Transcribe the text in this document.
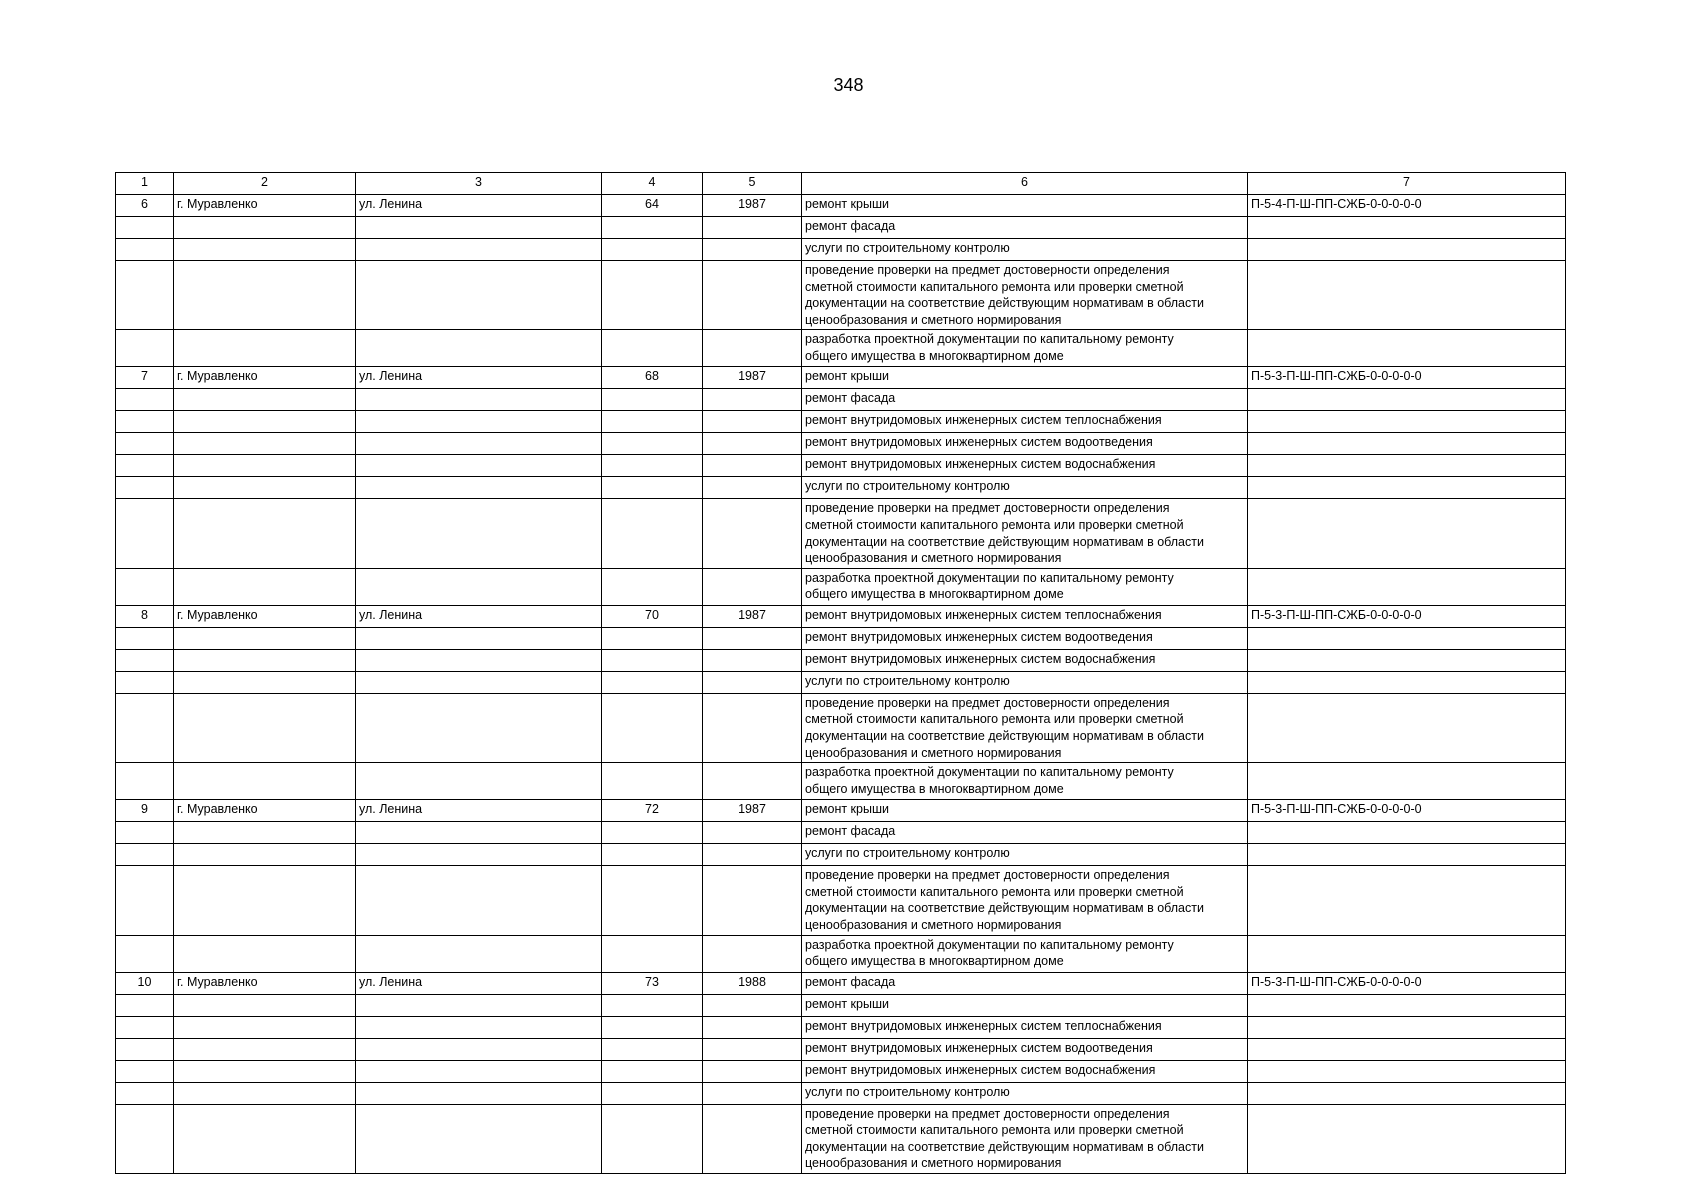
348
1	2	3	4	5	6	7
6	г. Муравленко	ул. Ленина	64	1987	ремонт крыши	П-5-4-П-Ш-ПП-СЖБ-0-0-0-0-0
					ремонт фасада	
					услуги по строительному контролю	
					проведение проверки на предмет достоверности определения
сметной стоимости капитального ремонта или проверки сметной
документации на соответствие действующим нормативам в области
ценообразования и сметного нормирования	
					разработка проектной документации по капитальному ремонту
общего имущества в многоквартирном доме	
7	г. Муравленко	ул. Ленина	68	1987	ремонт крыши	П-5-3-П-Ш-ПП-СЖБ-0-0-0-0-0
					ремонт фасада	
					ремонт внутридомовых инженерных систем теплоснабжения	
					ремонт внутридомовых инженерных систем водоотведения	
					ремонт внутридомовых инженерных систем водоснабжения	
					услуги по строительному контролю	
					проведение проверки на предмет достоверности определения
сметной стоимости капитального ремонта или проверки сметной
документации на соответствие действующим нормативам в области
ценообразования и сметного нормирования	
					разработка проектной документации по капитальному ремонту
общего имущества в многоквартирном доме	
8	г. Муравленко	ул. Ленина	70	1987	ремонт внутридомовых инженерных систем теплоснабжения	П-5-3-П-Ш-ПП-СЖБ-0-0-0-0-0
					ремонт внутридомовых инженерных систем водоотведения	
					ремонт внутридомовых инженерных систем водоснабжения	
					услуги по строительному контролю	
					проведение проверки на предмет достоверности определения
сметной стоимости капитального ремонта или проверки сметной
документации на соответствие действующим нормативам в области
ценообразования и сметного нормирования	
					разработка проектной документации по капитальному ремонту
общего имущества в многоквартирном доме	
9	г. Муравленко	ул. Ленина	72	1987	ремонт крыши	П-5-3-П-Ш-ПП-СЖБ-0-0-0-0-0
					ремонт фасада	
					услуги по строительному контролю	
					проведение проверки на предмет достоверности определения
сметной стоимости капитального ремонта или проверки сметной
документации на соответствие действующим нормативам в области
ценообразования и сметного нормирования	
					разработка проектной документации по капитальному ремонту
общего имущества в многоквартирном доме	
10	г. Муравленко	ул. Ленина	73	1988	ремонт фасада	П-5-3-П-Ш-ПП-СЖБ-0-0-0-0-0
					ремонт крыши	
					ремонт внутридомовых инженерных систем теплоснабжения	
					ремонт внутридомовых инженерных систем водоотведения	
					ремонт внутридомовых инженерных систем водоснабжения	
					услуги по строительному контролю	
					проведение проверки на предмет достоверности определения
сметной стоимости капитального ремонта или проверки сметной
документации на соответствие действующим нормативам в области
ценообразования и сметного нормирования	
